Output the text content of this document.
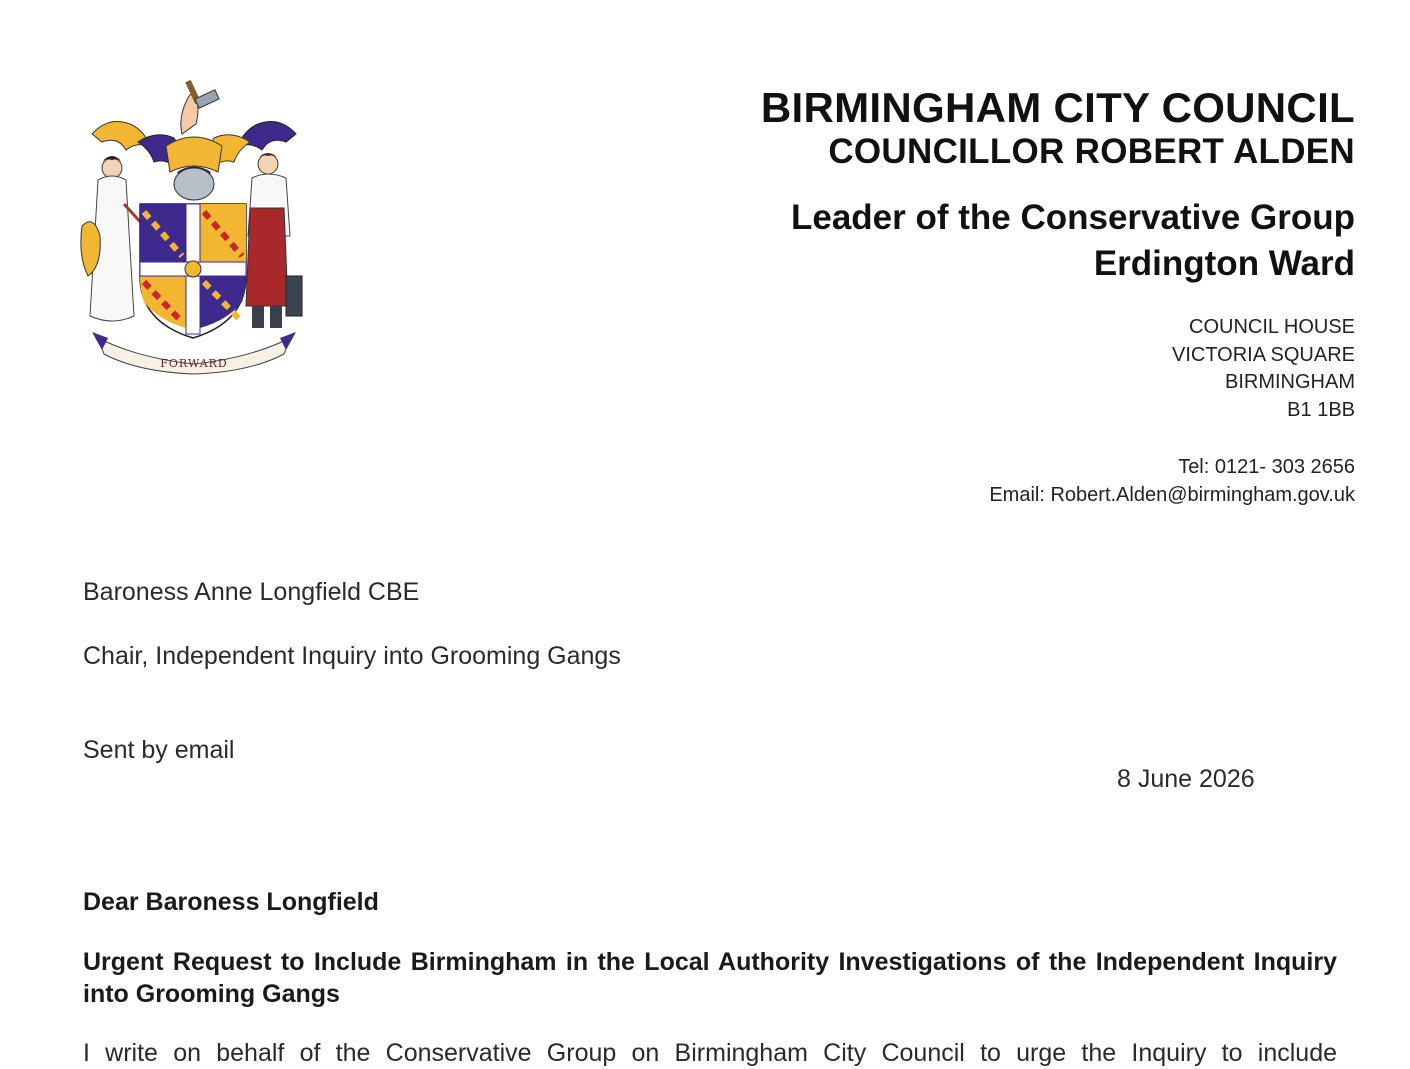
FORWARD
BIRMINGHAM CITY COUNCIL
COUNCILLOR ROBERT ALDEN
Leader of the Conservative Group
Erdington Ward
COUNCIL HOUSE
VICTORIA SQUARE
BIRMINGHAM
B1 1BB
Tel: 0121- 303 2656
Email: Robert.Alden@birmingham.gov.uk
Baroness Anne Longfield CBE
Chair, Independent Inquiry into Grooming Gangs
Sent by email
8 June 2026
Dear Baroness Longfield
Urgent Request to Include Birmingham in the Local Authority Investigations of the Independent Inquiry into Grooming Gangs
I write on behalf of the Conservative Group on Birmingham City Council to urge the Inquiry to include
